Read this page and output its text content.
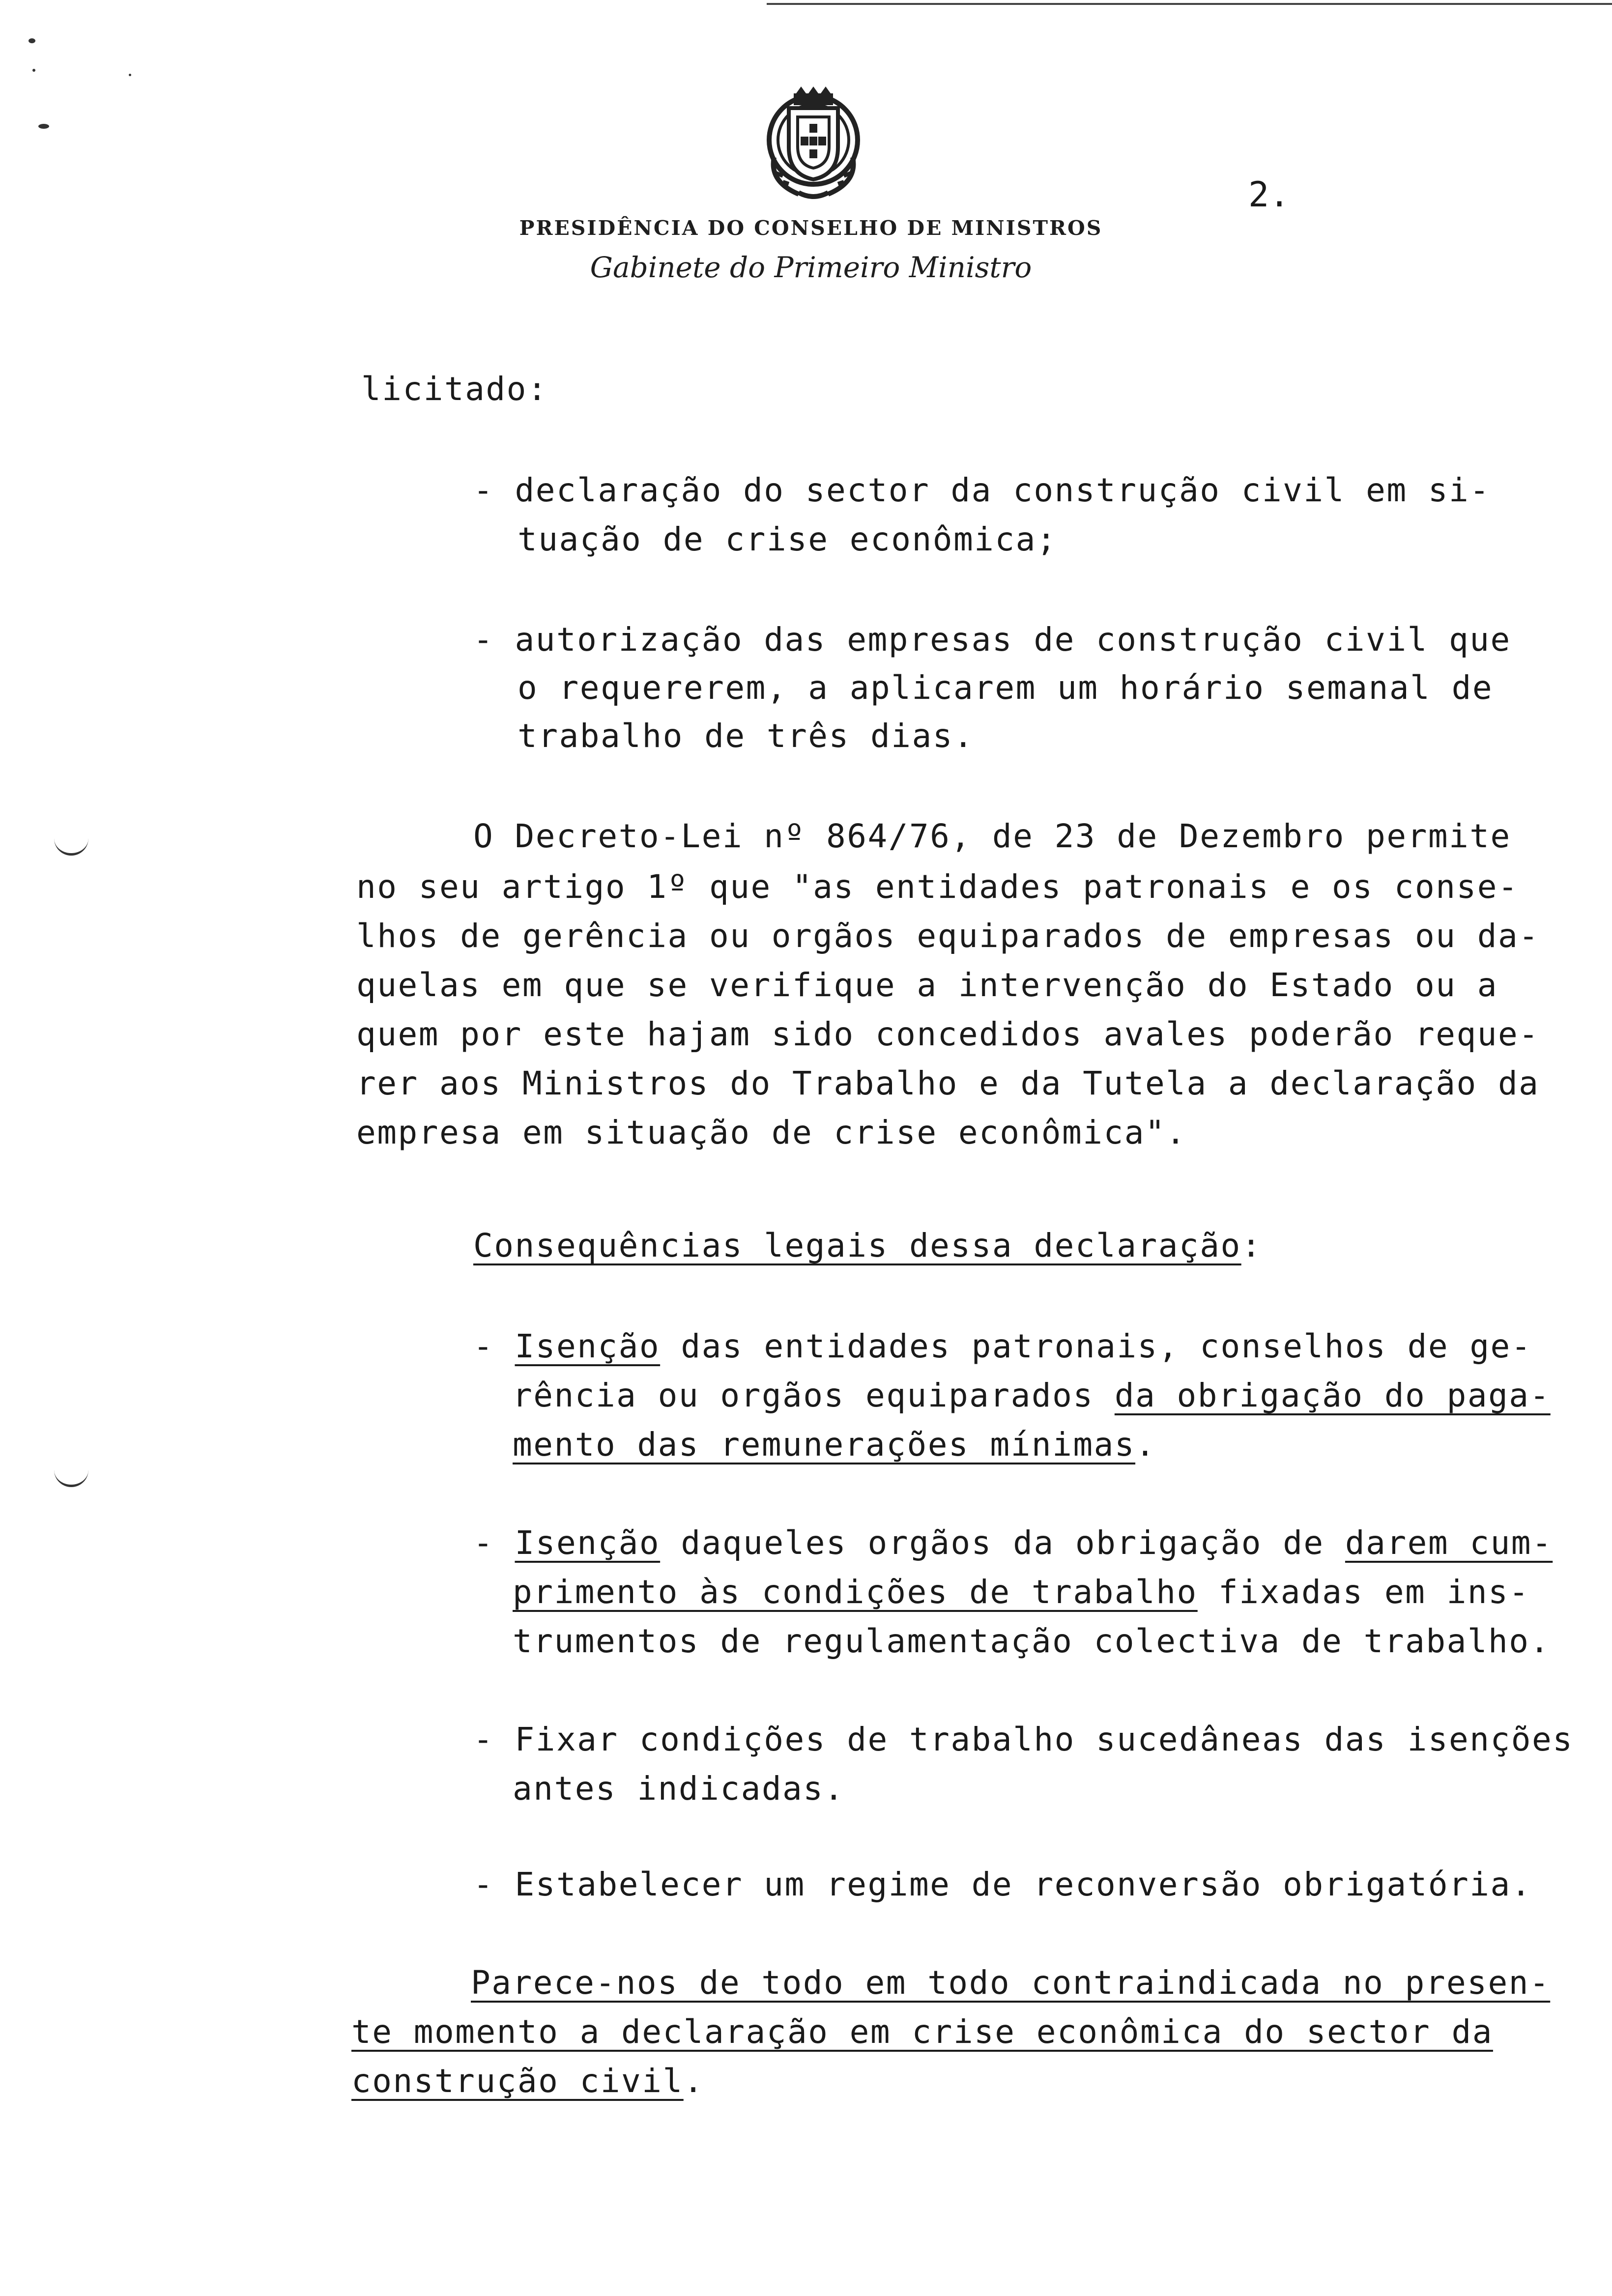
2.
PRESIDÊNCIA DO CONSELHO DE MINISTROS
Gabinete do Primeiro Ministro
licitado:
- declaração do sector da construção civil em si-
tuação de crise econômica;
- autorização das empresas de construção civil que
o requererem, a aplicarem um horário semanal de
trabalho de três dias.
O Decreto-Lei nº 864/76, de 23 de Dezembro permite
no seu artigo 1º que "as entidades patronais e os conse-
lhos de gerência ou orgãos equiparados de empresas ou da-
quelas em que se verifique a intervenção do Estado ou a
quem por este hajam sido concedidos avales poderão reque-
rer aos Ministros do Trabalho e da Tutela a declaração da
empresa em situação de crise econômica".
Consequências legais dessa declaração:
- Isenção das entidades patronais, conselhos de ge-
rência ou orgãos equiparados da obrigação do paga-
mento das remunerações mínimas.
- Isenção daqueles orgãos da obrigação de darem cum-
primento às condições de trabalho fixadas em ins-
trumentos de regulamentação colectiva de trabalho.
- Fixar condições de trabalho sucedâneas das isenções
antes indicadas.
- Estabelecer um regime de reconversão obrigatória.
Parece-nos de todo em todo contraindicada no presen-
te momento a declaração em crise econômica do sector da
construção civil.
